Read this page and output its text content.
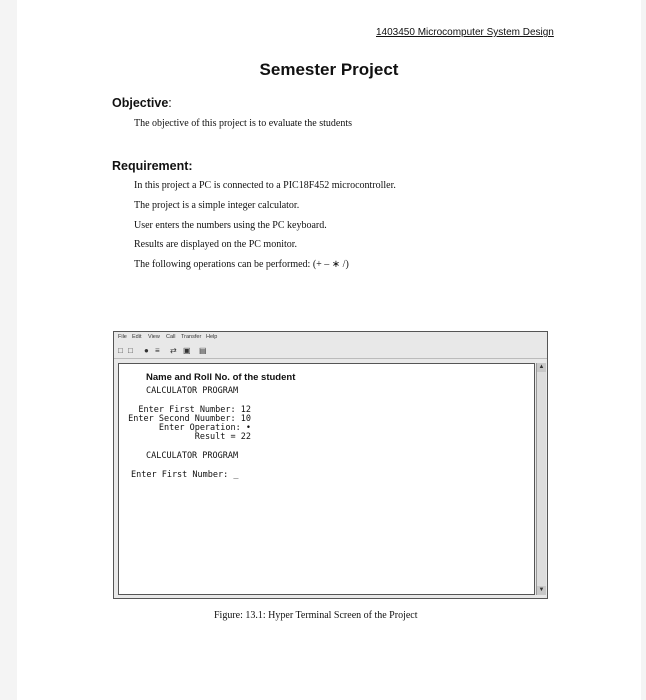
1403450 Microcomputer System Design
Semester Project
Objective:
The objective of this project is to evaluate the students
Requirement:
In this project a PC is connected to a PIC18F452 microcontroller.
The project is a simple integer calculator.
User enters the numbers using the PC keyboard.
Results are displayed on the PC monitor.
The following operations can be performed: (+ – ∗ /)
File Edit View Call Transfer Help
□ □ ● ≡ ⇄ ▣ ▤
Name and Roll No. of the student
CALCULATOR PROGRAM
Enter First Number: 12
Enter Second Nuumber: 10
Enter Operation: •
Result = 22
CALCULATOR PROGRAM
Enter First Number: _
▲
▼
Figure: 13.1: Hyper Terminal Screen of the Project
